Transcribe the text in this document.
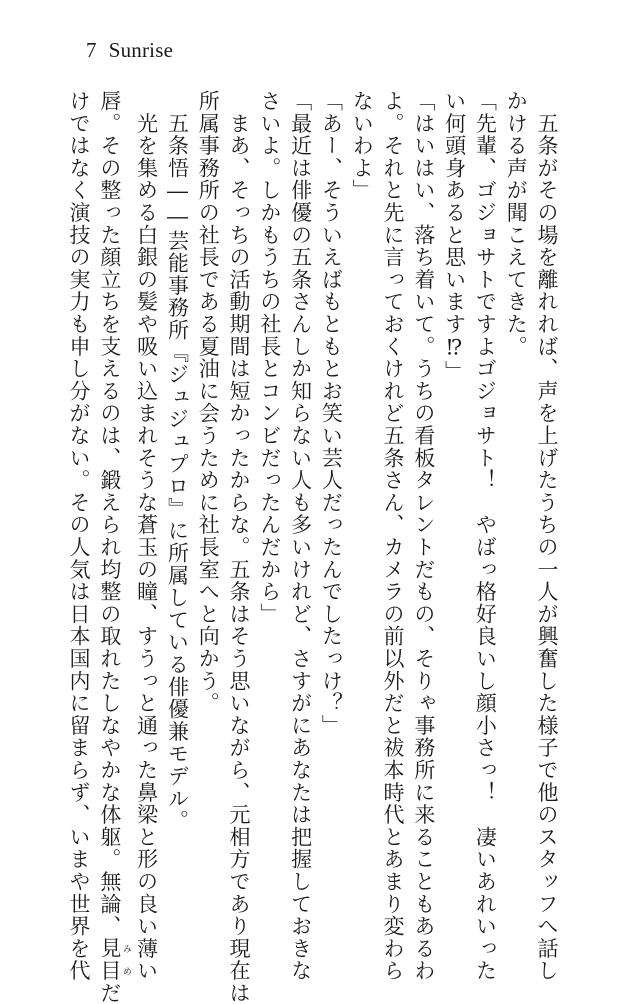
7 Sunrise
　五条がその場を離れれば、声を上げたうちの一人が興奮した様子で他のスタッフへ話し
かける声が聞こえてきた。
「先輩、ゴジョサトですよゴジョサト！　やばっ格好良いし顔小さっ！　凄いあれいった
い何頭身あると思います⁉」
「はいはい、落ち着いて。うちの看板タレントだもの、そりゃ事務所に来ることもあるわ
よ。それと先に言っておくけれど五条さん、カメラの前以外だと祓本時代とあまり変わら
ないわよ」
「あー、そういえばもともとお笑い芸人だったんでしたっけ？」
「最近は俳優の五条さんしか知らない人も多いけれど、さすがにあなたは把握しておきな
さいよ。しかもうちの社長とコンビだったんだから」
　まあ、そっちの活動期間は短かったからな。五条はそう思いながら、元相方であり現在は
所属事務所の社長である夏油に会うために社長室へと向かう。
　五条悟――芸能事務所『ジュジュプロ』に所属している俳優兼モデル。
　光を集める白銀の髪や吸い込まれそうな蒼玉の瞳、すうっと通った鼻梁と形の良い薄い
唇。その整った顔立ちを支えるのは、鍛えられ均整の取れたしなやかな体躯。無論、見目 みめだ
けではなく演技の実力も申し分がない。その人気は日本国内に留まらず、いまや世界を代
